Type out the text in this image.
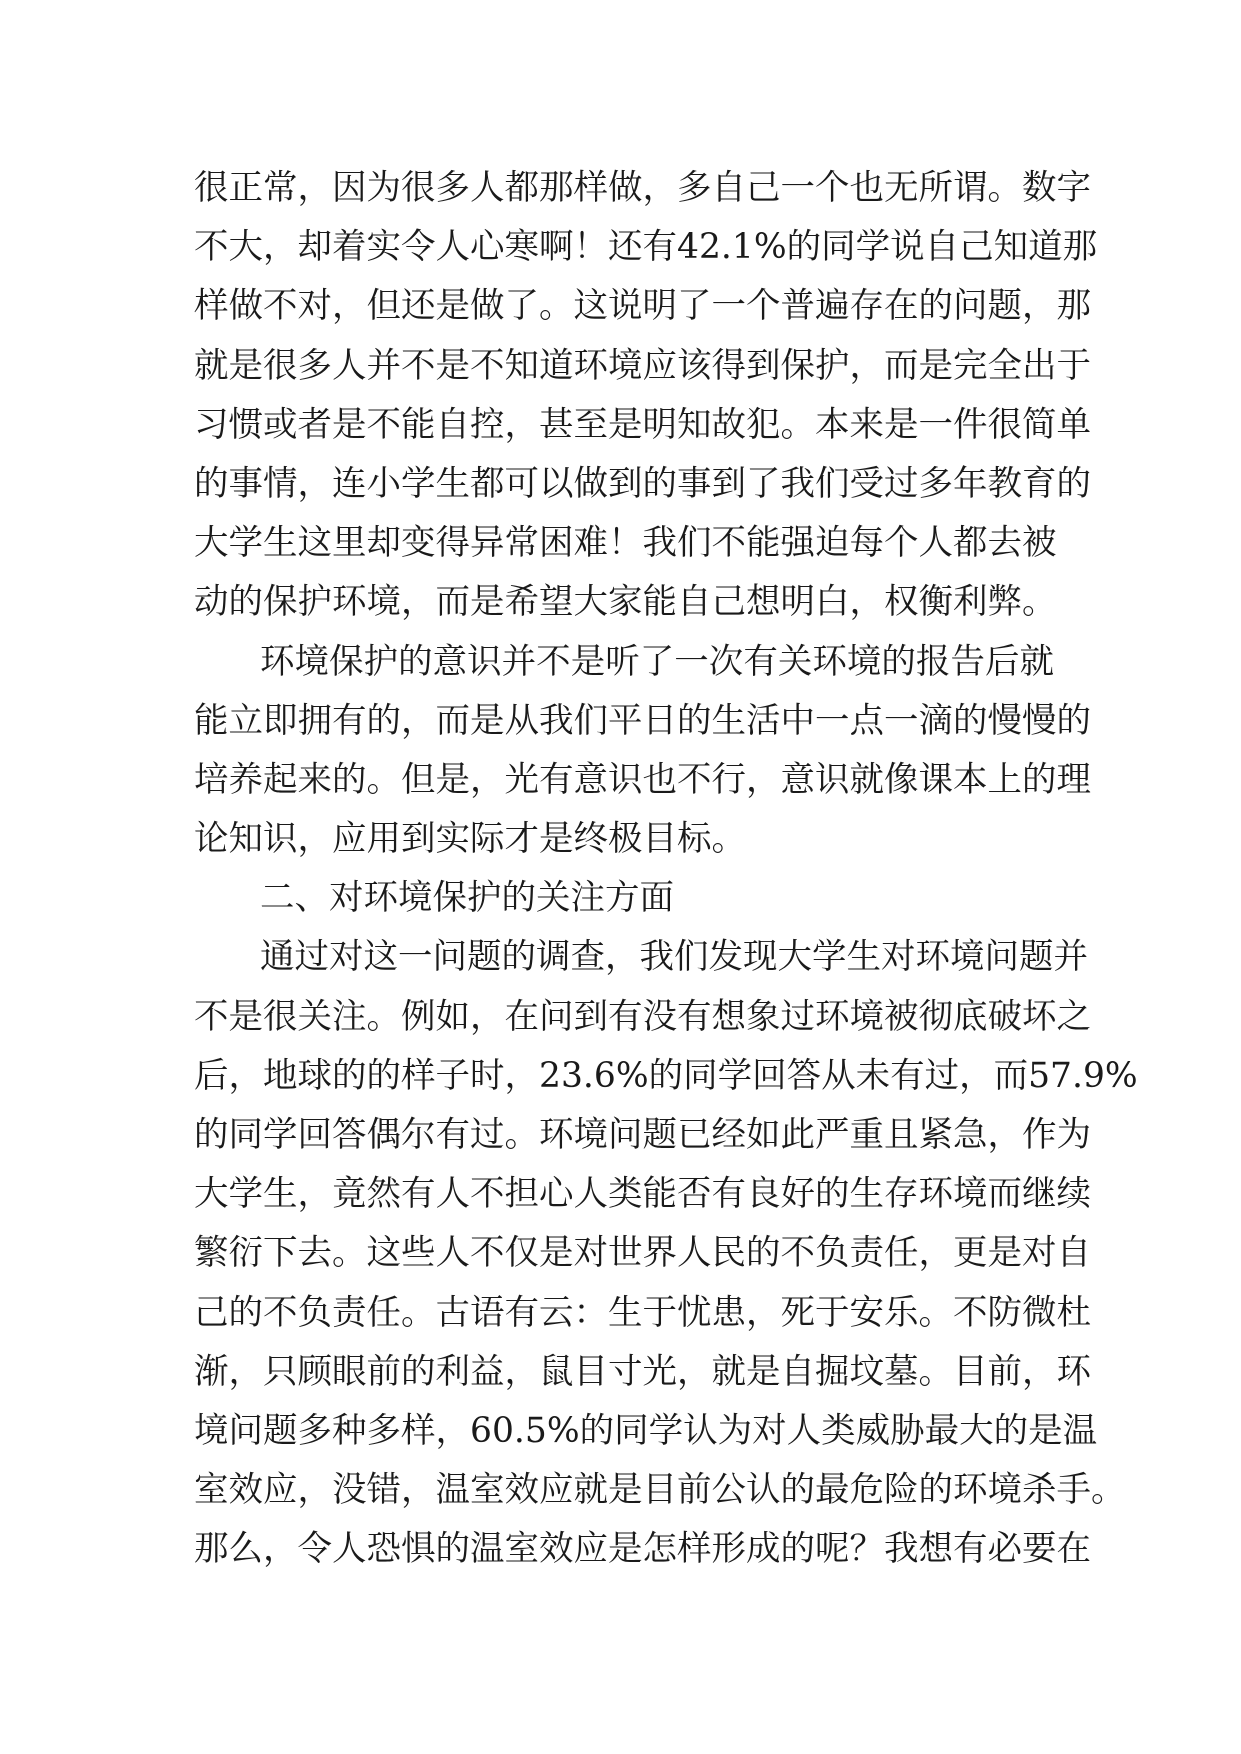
很正常，因为很多人都那样做，多自己一个也无所谓。数字
不大，却着实令人心寒啊！还有42.1%的同学说自己知道那
样做不对，但还是做了。这说明了一个普遍存在的问题，那
就是很多人并不是不知道环境应该得到保护，而是完全出于
习惯或者是不能自控，甚至是明知故犯。本来是一件很简单
的事情，连小学生都可以做到的事到了我们受过多年教育的
大学生这里却变得异常困难！我们不能强迫每个人都去被
动的保护环境，而是希望大家能自己想明白，权衡利弊。
环境保护的意识并不是听了一次有关环境的报告后就
能立即拥有的，而是从我们平日的生活中一点一滴的慢慢的
培养起来的。但是，光有意识也不行，意识就像课本上的理
论知识，应用到实际才是终极目标。
二、对环境保护的关注方面
通过对这一问题的调查，我们发现大学生对环境问题并
不是很关注。例如，在问到有没有想象过环境被彻底破坏之
后，地球的的样子时，23.6%的同学回答从未有过，而57.9%
的同学回答偶尔有过。环境问题已经如此严重且紧急，作为
大学生，竟然有人不担心人类能否有良好的生存环境而继续
繁衍下去。这些人不仅是对世界人民的不负责任，更是对自
己的不负责任。古语有云：生于忧患，死于安乐。不防微杜
渐，只顾眼前的利益，鼠目寸光，就是自掘坟墓。目前，环
境问题多种多样，60.5%的同学认为对人类威胁最大的是温
室效应，没错，温室效应就是目前公认的最危险的环境杀手。
那么，令人恐惧的温室效应是怎样形成的呢？我想有必要在
